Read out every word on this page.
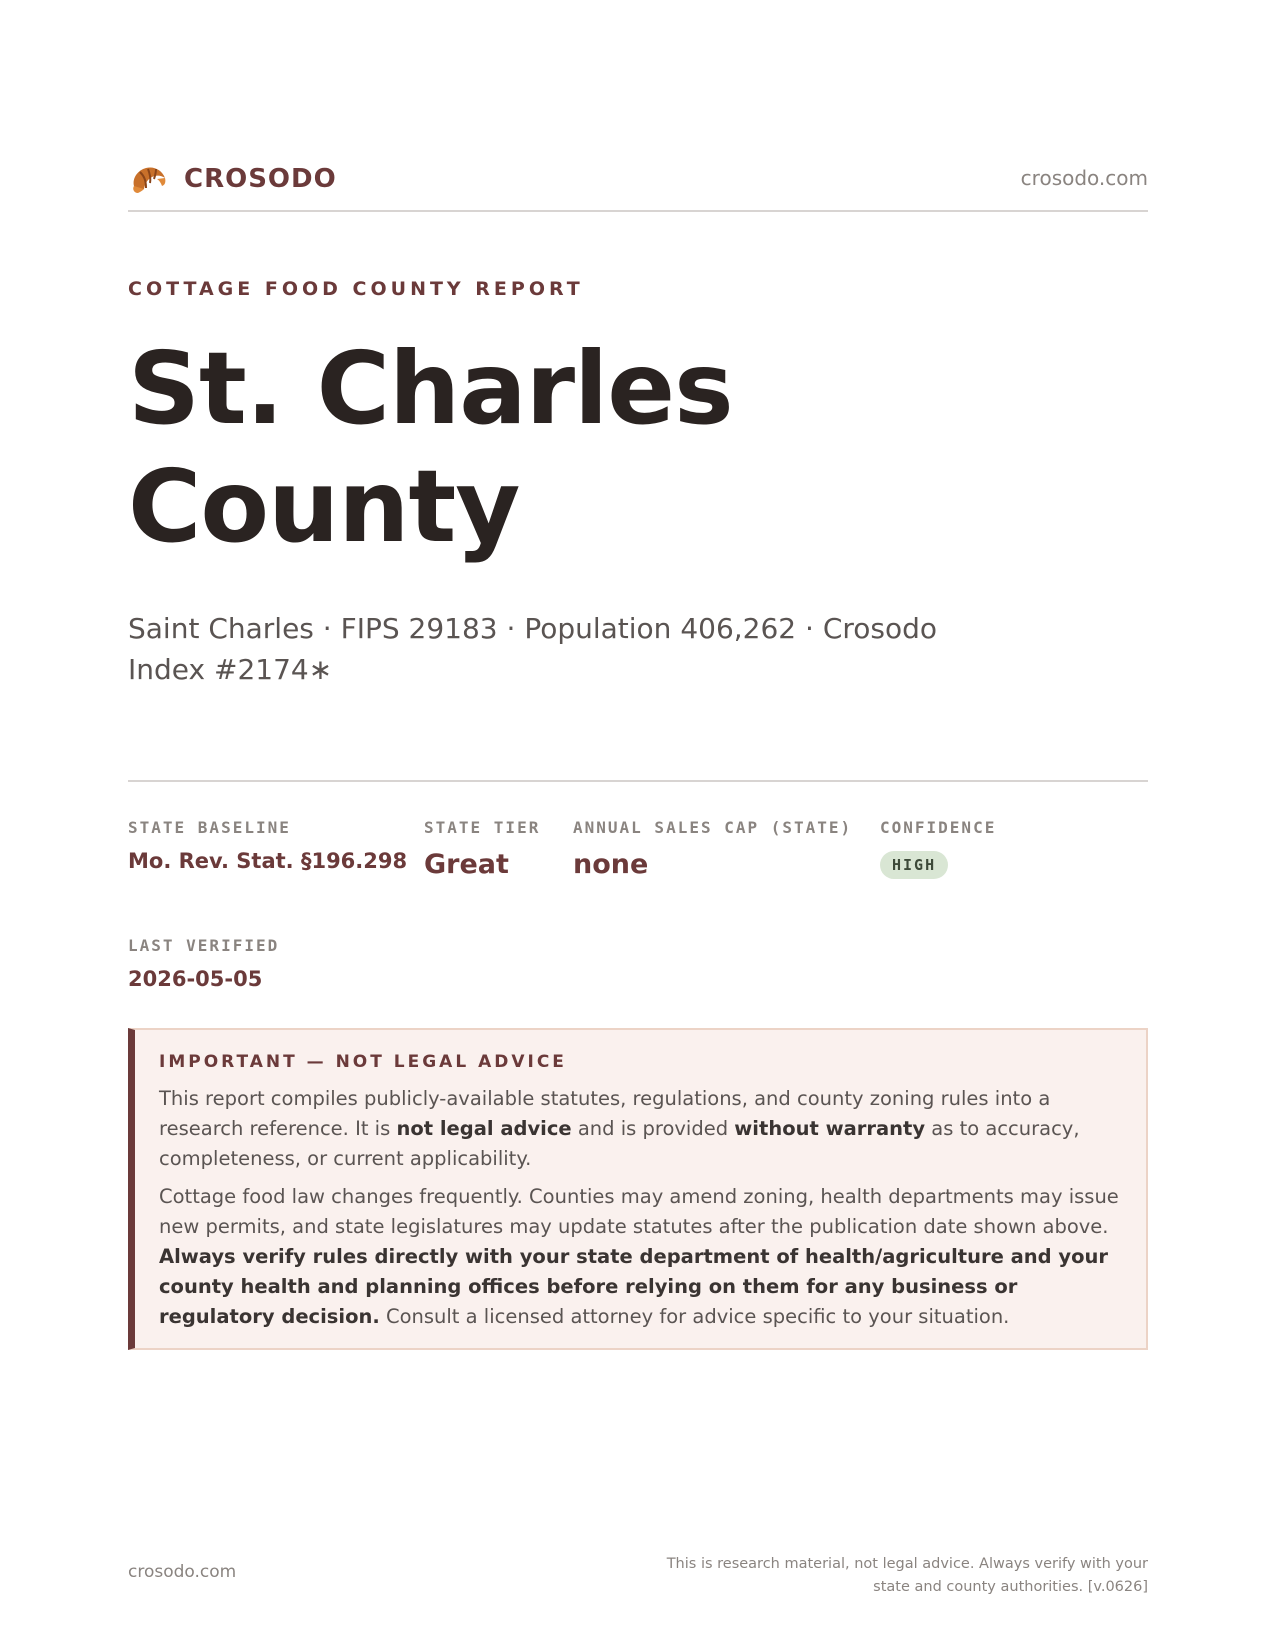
CROSODO	crosodo.com
COTTAGE FOOD COUNTY REPORT
St. Charles County
Saint Charles · FIPS 29183 · Population 406,262 · Crosodo Index #2174∗
STATE BASELINE
Mo. Rev. Stat. §196.298
STATE TIER
Great
ANNUAL SALES CAP (STATE)
none
CONFIDENCE
HIGH
LAST VERIFIED
2026-05-05
IMPORTANT — NOT LEGAL ADVICE

This report compiles publicly-available statutes, regulations, and county zoning rules into a research reference. It is not legal advice and is provided without warranty as to accuracy, completeness, or current applicability.

Cottage food law changes frequently. Counties may amend zoning, health departments may issue new permits, and state legislatures may update statutes after the publication date shown above. Always verify rules directly with your state department of health/agriculture and your county health and planning offices before relying on them for any business or regulatory decision. Consult a licensed attorney for advice specific to your situation.

crosodo.com	This is research material, not legal advice. Always verify with your state and county authorities. [v.0626]
